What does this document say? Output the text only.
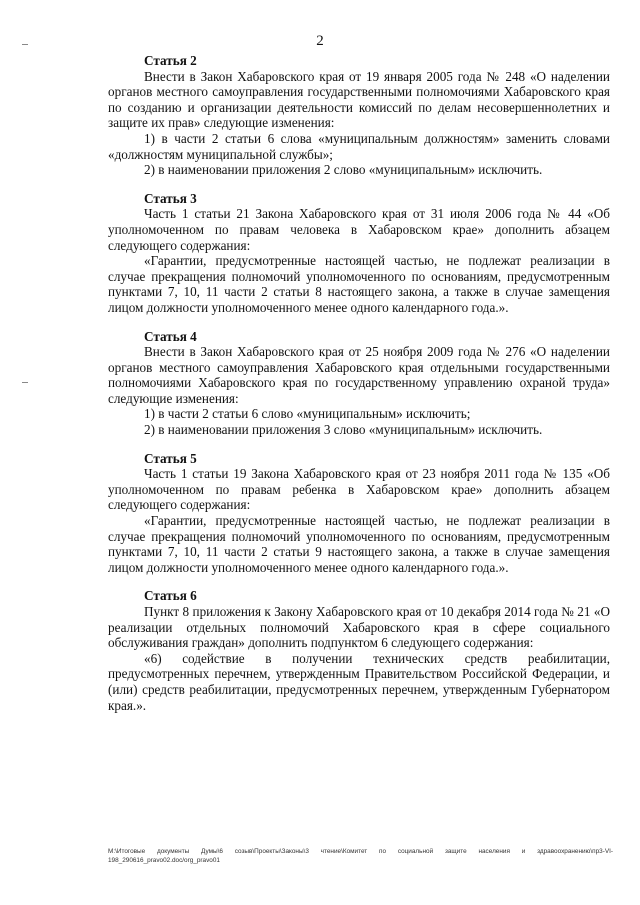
2
Статья 2
Внести в Закон Хабаровского края от 19 января 2005 года № 248 «О наделении органов местного самоуправления государственными полномочиями Хабаровского края по созданию и организации деятельности комиссий по делам несовершеннолетних и защите их прав» следующие изменения:
1) в части 2 статьи 6 слова «муниципальным должностям» заменить словами «должностям муниципальной службы»;
2) в наименовании приложения 2 слово «муниципальным» исключить.
Статья 3
Часть 1 статьи 21 Закона Хабаровского края от 31 июля 2006 года № 44 «Об уполномоченном по правам человека в Хабаровском крае» дополнить абзацем следующего содержания:
«Гарантии, предусмотренные настоящей частью, не подлежат реализации в случае прекращения полномочий уполномоченного по основаниям, предусмотренным пунктами 7, 10, 11 части 2 статьи 8 настоящего закона, а также в случае замещения лицом должности уполномоченного менее одного календарного года.».
Статья 4
Внести в Закон Хабаровского края от 25 ноября 2009 года № 276 «О наделении органов местного самоуправления Хабаровского края отдельными государственными полномочиями Хабаровского края по государственному управлению охраной труда» следующие изменения:
1) в части 2 статьи 6 слово «муниципальным» исключить;
2) в наименовании приложения 3 слово «муниципальным» исключить.
Статья 5
Часть 1 статьи 19 Закона Хабаровского края от 23 ноября 2011 года № 135 «Об уполномоченном по правам ребенка в Хабаровском крае» дополнить абзацем следующего содержания:
«Гарантии, предусмотренные настоящей частью, не подлежат реализации в случае прекращения полномочий уполномоченного по основаниям, предусмотренным пунктами 7, 10, 11 части 2 статьи 9 настоящего закона, а также в случае замещения лицом должности уполномоченного менее одного календарного года.».
Статья 6
Пункт 8 приложения к Закону Хабаровского края от 10 декабря 2014 года № 21 «О реализации отдельных полномочий Хабаровского края в сфере социального обслуживания граждан» дополнить подпунктом 6 следующего содержания:
«6) содействие в получении технических средств реабилитации, предусмотренных перечнем, утвержденным Правительством Российской Федерации, и (или) средств реабилитации, предусмотренных перечнем, утвержденным Губернатором края.».
M:\Итоговые документы Думы\6 созыв\Проекты\Законы\3 чтение\Комитет по социальной защите населения и здравоохранению\пр3-VI-198_290616_pravo02.doc/org_pravo01
